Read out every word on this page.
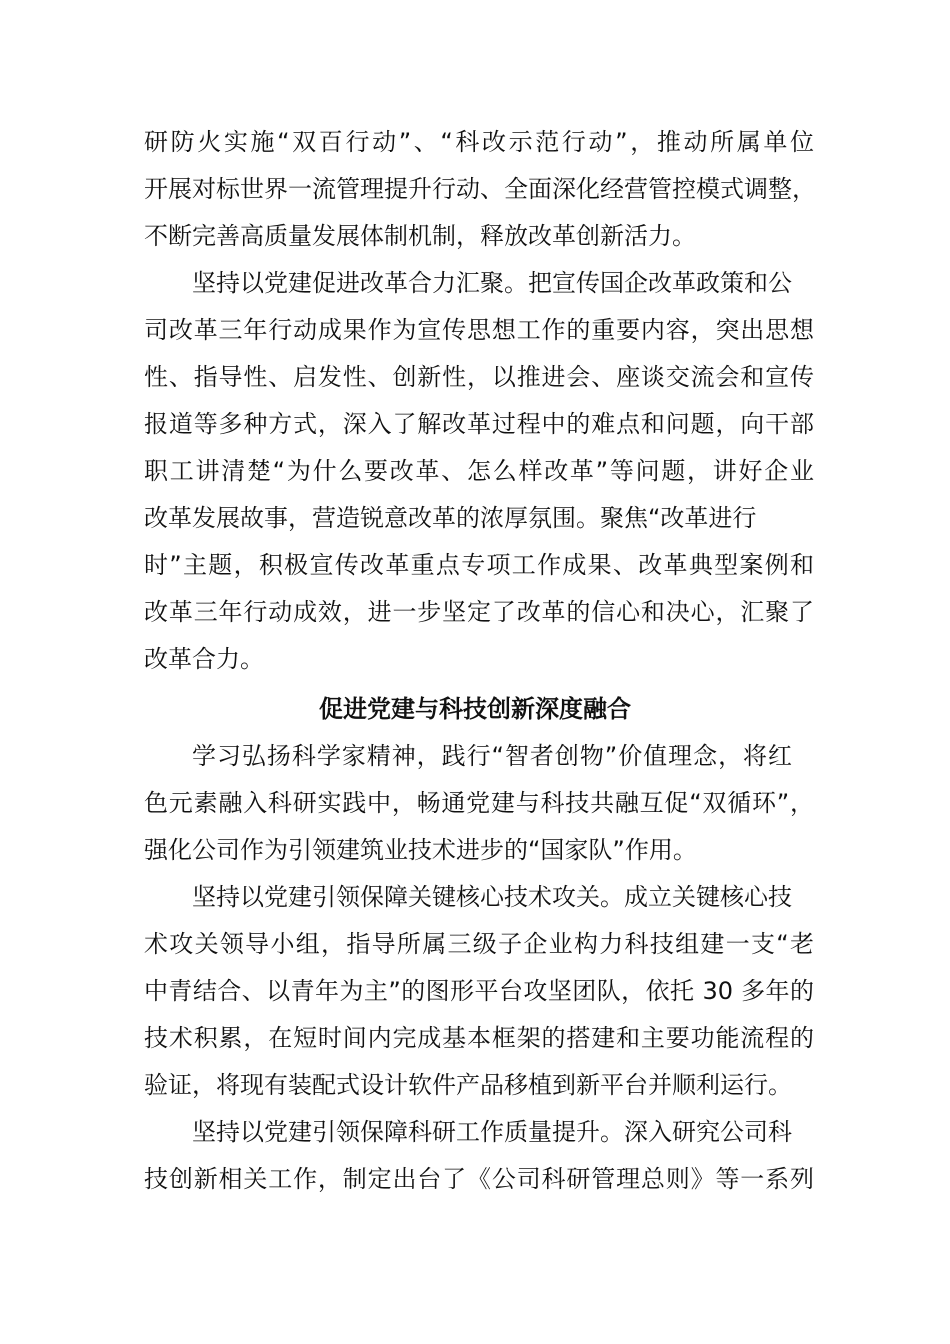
研防火实施“双百行动”、“科改示范行动”，推动所属单位
开展对标世界一流管理提升行动、全面深化经营管控模式调整，
不断完善高质量发展体制机制，释放改革创新活力。
坚持以党建促进改革合力汇聚。把宣传国企改革政策和公
司改革三年行动成果作为宣传思想工作的重要内容，突出思想
性、指导性、启发性、创新性，以推进会、座谈交流会和宣传
报道等多种方式，深入了解改革过程中的难点和问题，向干部
职工讲清楚“为什么要改革、怎么样改革”等问题，讲好企业
改革发展故事，营造锐意改革的浓厚氛围。聚焦“改革进行
时”主题，积极宣传改革重点专项工作成果、改革典型案例和
改革三年行动成效，进一步坚定了改革的信心和决心，汇聚了
改革合力。
促进党建与科技创新深度融合
学习弘扬科学家精神，践行“智者创物”价值理念，将红
色元素融入科研实践中，畅通党建与科技共融互促“双循环”，
强化公司作为引领建筑业技术进步的“国家队”作用。
坚持以党建引领保障关键核心技术攻关。成立关键核心技
术攻关领导小组，指导所属三级子企业构力科技组建一支“老
中青结合、以青年为主”的图形平台攻坚团队，依托 30 多年的
技术积累，在短时间内完成基本框架的搭建和主要功能流程的
验证，将现有装配式设计软件产品移植到新平台并顺利运行。
坚持以党建引领保障科研工作质量提升。深入研究公司科
技创新相关工作，制定出台了《公司科研管理总则》等一系列
